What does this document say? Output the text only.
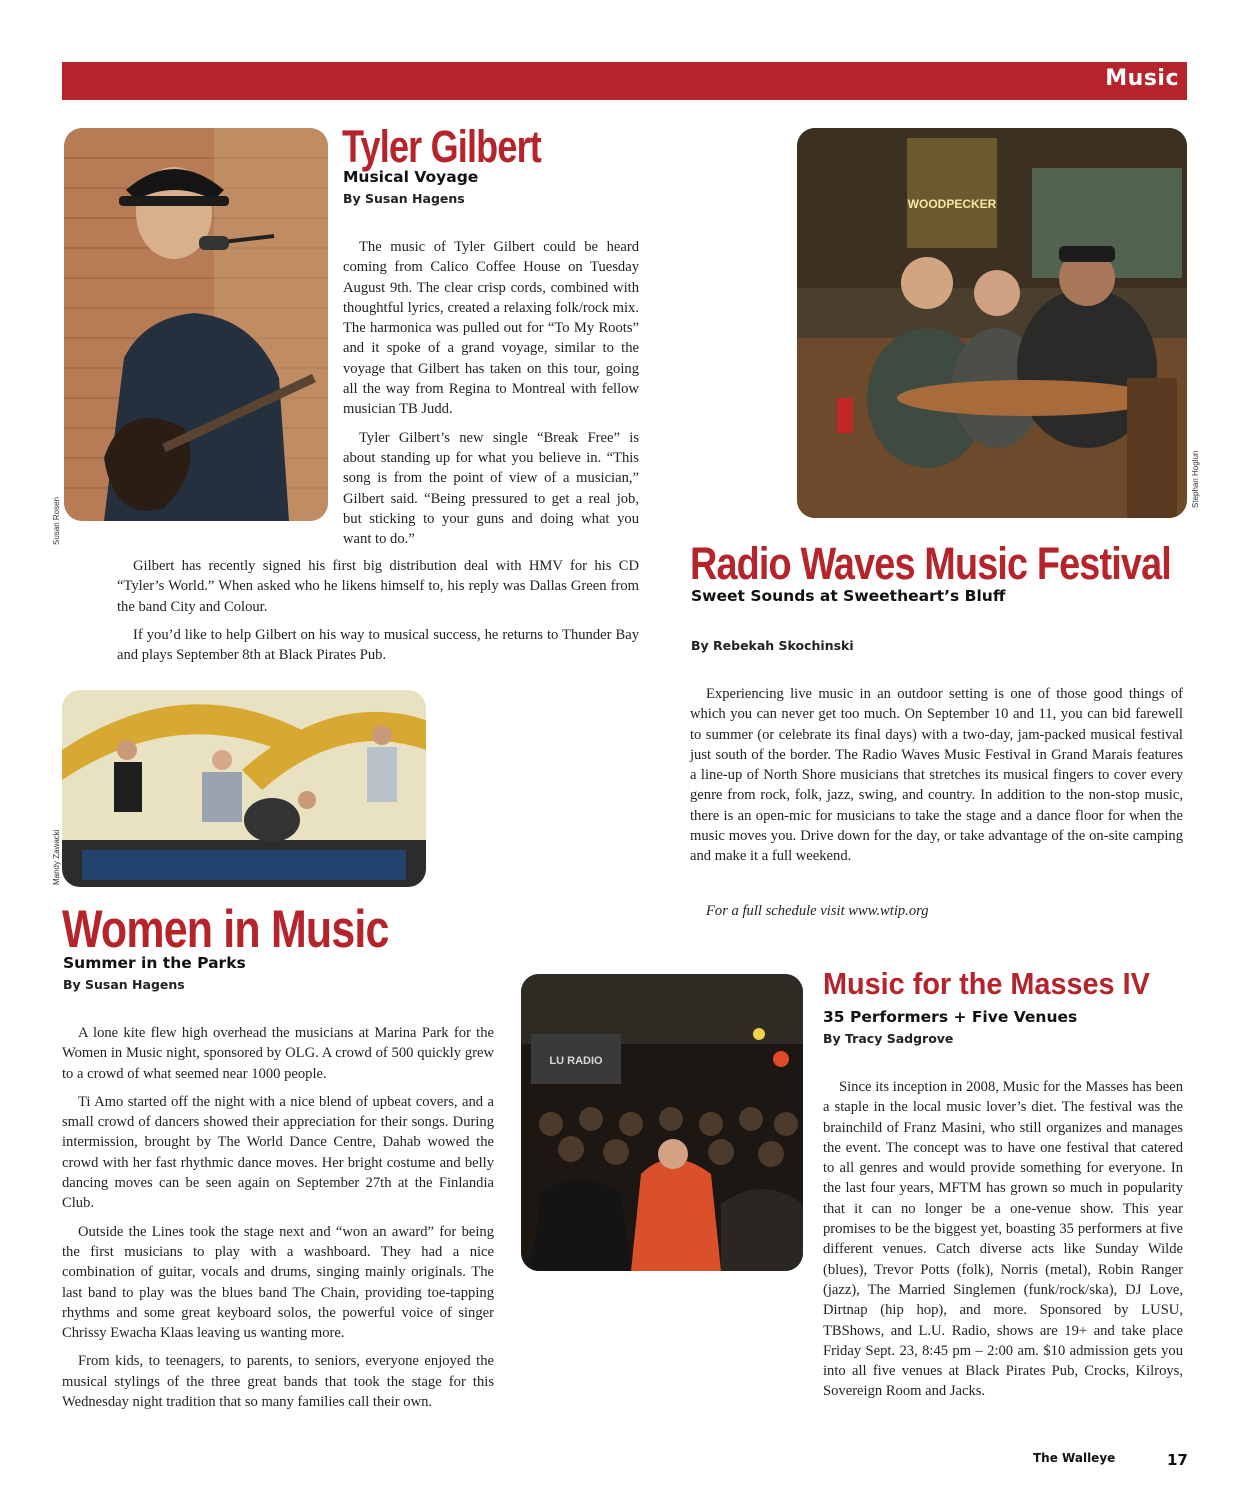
Music
Susan Rosen
Tyler Gilbert
Musical Voyage
By Susan Hagens

The music of Tyler Gilbert could be heard coming from Calico Coffee House on Tuesday August 9th. The clear crisp cords, combined with thoughtful lyrics, created a relaxing folk/rock mix. The harmonica was pulled out for “To My Roots” and it spoke of a grand voyage, similar to the voyage that Gilbert has taken on this tour, going all the way from Regina to Montreal with fellow musician TB Judd.

Tyler Gilbert’s new single “Break Free” is about standing up for what you believe in. “This song is from the point of view of a musician,” Gilbert said. “Being pressured to get a real job, but sticking to your guns and doing what you want to do.”

Gilbert has recently signed his first big distribution deal with HMV for his CD “Tyler’s World.” When asked who he likens himself to, his reply was Dallas Green from the band City and Colour.

If you’d like to help Gilbert on his way to musical success, he returns to Thunder Bay and plays September 8th at Black Pirates Pub.

WOODPECKER
Stephan Hoglun
Radio Waves Music Festival
Sweet Sounds at Sweetheart’s Bluff
By Rebekah Skochinski

Experiencing live music in an outdoor setting is one of those good things of which you can never get too much. On September 10 and 11, you can bid farewell to summer (or celebrate its final days) with a two-day, jam-packed musical festival just south of the border. The Radio Waves Music Festival in Grand Marais features a line-up of North Shore musicians that stretches its musical fingers to cover every genre from rock, folk, jazz, swing, and country. In addition to the non-stop music, there is an open-mic for musicians to take the stage and a dance floor for when the music moves you. Drive down for the day, or take advantage of the on-site camping and make it a full weekend.

For a full schedule visit www.wtip.org
Mandy Zawacki
Women in Music
Summer in the Parks
By Susan Hagens

A lone kite flew high overhead the musicians at Marina Park for the Women in Music night, sponsored by OLG. A crowd of 500 quickly grew to a crowd of what seemed near 1000 people.

Ti Amo started off the night with a nice blend of upbeat covers, and a small crowd of dancers showed their appreciation for their songs. During intermission, brought by The World Dance Centre, Dahab wowed the crowd with her fast rhythmic dance moves. Her bright costume and belly dancing moves can be seen again on September 27th at the Finlandia Club.

Outside the Lines took the stage next and “won an award” for being the first musicians to play with a washboard. They had a nice combination of guitar, vocals and drums, singing mainly originals. The last band to play was the blues band The Chain, providing toe-tapping rhythms and some great keyboard solos, the powerful voice of singer Chrissy Ewacha Klaas leaving us wanting more.

From kids, to teenagers, to parents, to seniors, everyone enjoyed the musical stylings of the three great bands that took the stage for this Wednesday night tradition that so many families call their own.

LU RADIO
Music for the Masses IV
35 Performers + Five Venues
By Tracy Sadgrove

Since its inception in 2008, Music for the Masses has been a staple in the local music lover’s diet. The festival was the brainchild of Franz Masini, who still organizes and manages the event. The concept was to have one festival that catered to all genres and would provide something for everyone. In the last four years, MFTM has grown so much in popularity that it can no longer be a one-venue show. This year promises to be the biggest yet, boasting 35 performers at five different venues. Catch diverse acts like Sunday Wilde (blues), Trevor Potts (folk), Norris (metal), Robin Ranger (jazz), The Married Singlemen (funk/rock/ska), DJ Love, Dirtnap (hip hop), and more. Sponsored by LUSU, TBShows, and L.U. Radio, shows are 19+ and take place Friday Sept. 23, 8:45 pm – 2:00 am. $10 admission gets you into all five venues at Black Pirates Pub, Crocks, Kilroys, Sovereign Room and Jacks.

The Walleye	17
